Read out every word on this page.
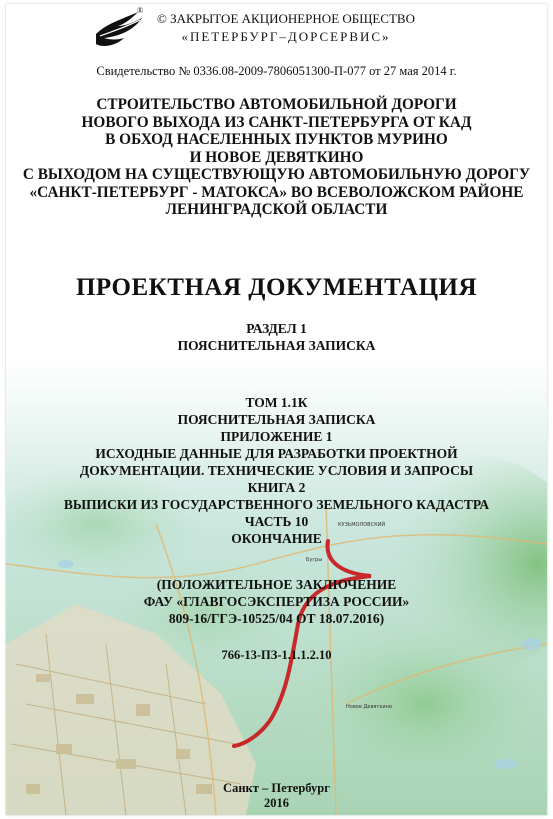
®
© ЗАКРЫТОЕ АКЦИОНЕРНОЕ ОБЩЕСТВО
«ПЕТЕРБУРГ–ДОРСЕРВИС»
Свидетельство № 0336.08-2009-7806051300-П-077 от 27 мая 2014 г.
СТРОИТЕЛЬСТВО АВТОМОБИЛЬНОЙ ДОРОГИ
НОВОГО ВЫХОДА ИЗ САНКТ-ПЕТЕРБУРГА ОТ КАД
В ОБХОД НАСЕЛЕННЫХ ПУНКТОВ МУРИНО
И НОВОЕ ДЕВЯТКИНО
С ВЫХОДОМ НА СУЩЕСТВУЮЩУЮ АВТОМОБИЛЬНУЮ ДОРОГУ
«САНКТ-ПЕТЕРБУРГ - МАТОКСА» ВО ВСЕВОЛОЖСКОМ РАЙОНЕ
ЛЕНИНГРАДСКОЙ ОБЛАСТИ
ПРОЕКТНАЯ ДОКУМЕНТАЦИЯ
РАЗДЕЛ 1
ПОЯСНИТЕЛЬНАЯ ЗАПИСКА
ТОМ 1.1К
ПОЯСНИТЕЛЬНАЯ ЗАПИСКА
ПРИЛОЖЕНИЕ 1
ИСХОДНЫЕ ДАННЫЕ ДЛЯ РАЗРАБОТКИ ПРОЕКТНОЙ
ДОКУМЕНТАЦИИ. ТЕХНИЧЕСКИЕ УСЛОВИЯ И ЗАПРОСЫ
КНИГА 2
ВЫПИСКИ ИЗ ГОСУДАРСТВЕННОГО ЗЕМЕЛЬНОГО КАДАСТРА
ЧАСТЬ 10
ОКОНЧАНИЕ
(ПОЛОЖИТЕЛЬНОЕ ЗАКЛЮЧЕНИЕ
ФАУ «ГЛАВГОСЭКСПЕРТИЗА РОССИИ»
809-16/ГГЭ-10525/04 ОТ 18.07.2016)
766-13-ПЗ-1.1.1.2.10
КУЗЬМОЛОВСКИЙ
Новое Девяткино
Бугры
Санкт – Петербург
2016
